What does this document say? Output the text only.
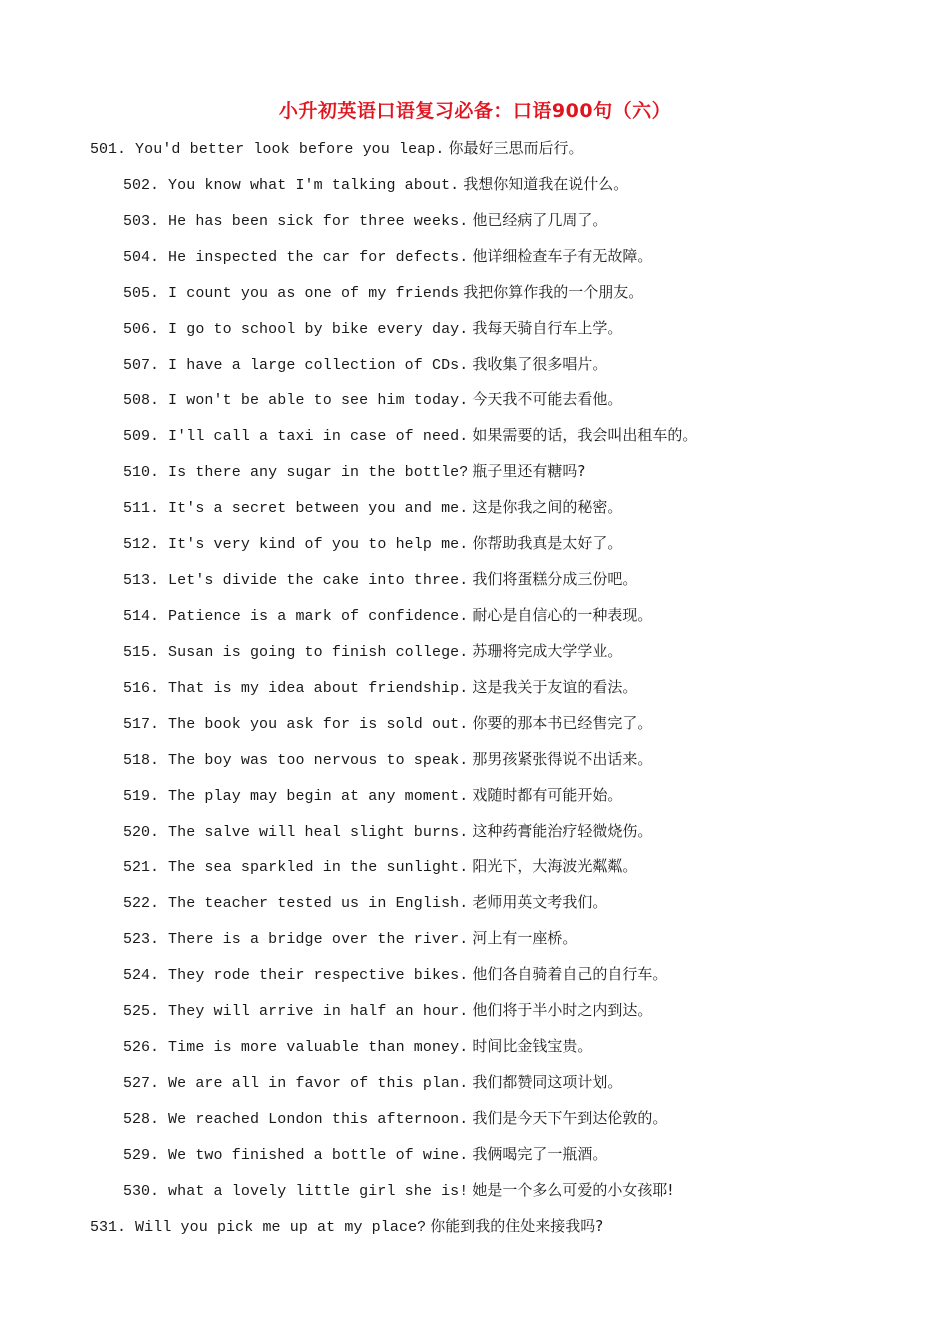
小升初英语口语复习必备：口语900句（六）
501. You'd better look before you leap. 你最好三思而后行。
502. You know what I'm talking about. 我想你知道我在说什么。
503. He has been sick for three weeks. 他已经病了几周了。
504. He inspected the car for defects. 他详细检查车子有无故障。
505. I count you as one of my friends 我把你算作我的一个朋友。
506. I go to school by bike every day. 我每天骑自行车上学。
507. I have a large collection of CDs. 我收集了很多唱片。
508. I won't be able to see him today. 今天我不可能去看他。
509. I'll call a taxi in case of need. 如果需要的话，我会叫出租车的。
510. Is there any sugar in the bottle? 瓶子里还有糖吗?
511. It's a secret between you and me. 这是你我之间的秘密。
512. It's very kind of you to help me. 你帮助我真是太好了。
513. Let's divide the cake into three. 我们将蛋糕分成三份吧。
514. Patience is a mark of confidence. 耐心是自信心的一种表现。
515. Susan is going to finish college. 苏珊将完成大学学业。
516. That is my idea about friendship. 这是我关于友谊的看法。
517. The book you ask for is sold out. 你要的那本书已经售完了。
518. The boy was too nervous to speak. 那男孩紧张得说不出话来。
519. The play may begin at any moment. 戏随时都有可能开始。
520. The salve will heal slight burns. 这种药膏能治疗轻微烧伤。
521. The sea sparkled in the sunlight. 阳光下，大海波光粼粼。
522. The teacher tested us in English. 老师用英文考我们。
523. There is a bridge over the river. 河上有一座桥。
524. They rode their respective bikes. 他们各自骑着自己的自行车。
525. They will arrive in half an hour. 他们将于半小时之内到达。
526. Time is more valuable than money. 时间比金钱宝贵。
527. We are all in favor of this plan. 我们都赞同这项计划。
528. We reached London this afternoon. 我们是今天下午到达伦敦的。
529. We two finished a bottle of wine. 我俩喝完了一瓶酒。
530. what a lovely little girl she is! 她是一个多么可爱的小女孩耶!
531. Will you pick me up at my place? 你能到我的住处来接我吗?
